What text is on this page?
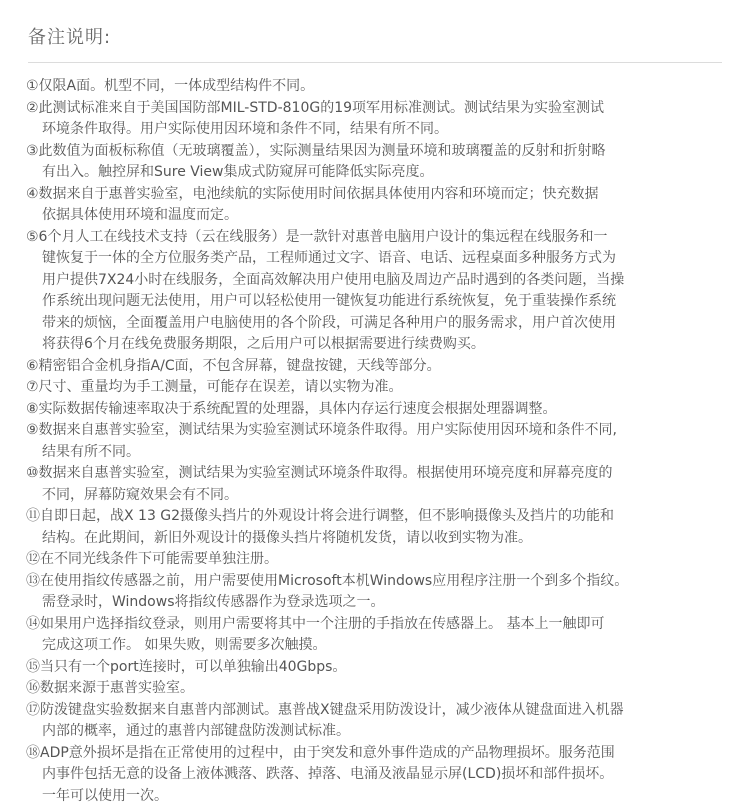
备注说明:
①仅限A面。机型不同，一体成型结构件不同。
②此测试标准来自于美国国防部MIL-STD-810G的19项军用标准测试。测试结果为实验室测试
环境条件取得。用户实际使用因环境和条件不同，结果有所不同。
③此数值为面板标称值（无玻璃覆盖），实际测量结果因为测量环境和玻璃覆盖的反射和折射略
有出入。触控屏和Sure View集成式防窥屏可能降低实际亮度。
④数据来自于惠普实验室，电池续航的实际使用时间依据具体使用内容和环境而定；快充数据
依据具体使用环境和温度而定。
⑤6个月人工在线技术支持（云在线服务）是一款针对惠普电脑用户设计的集远程在线服务和一
键恢复于一体的全方位服务类产品，工程师通过文字、语音、电话、远程桌面多种服务方式为
用户提供7X24小时在线服务，全面高效解决用户使用电脑及周边产品时遇到的各类问题，当操
作系统出现问题无法使用，用户可以轻松使用一键恢复功能进行系统恢复，免于重装操作系统
带来的烦恼，全面覆盖用户电脑使用的各个阶段，可满足各种用户的服务需求，用户首次使用
将获得6个月在线免费服务期限，之后用户可以根据需要进行续费购买。
⑥精密铝合金机身指A/C面，不包含屏幕，键盘按键，天线等部分。
⑦尺寸、重量均为手工测量，可能存在误差，请以实物为准。
⑧实际数据传输速率取决于系统配置的处理器，具体内存运行速度会根据处理器调整。
⑨数据来自惠普实验室，测试结果为实验室测试环境条件取得。用户实际使用因环境和条件不同,
结果有所不同。
⑩数据来自惠普实验室，测试结果为实验室测试环境条件取得。根据使用环境亮度和屏幕亮度的
不同，屏幕防窥效果会有不同。
⑪自即日起，战X 13 G2摄像头挡片的外观设计将会进行调整，但不影响摄像头及挡片的功能和
结构。在此期间，新旧外观设计的摄像头挡片将随机发货，请以收到实物为准。
⑫在不同光线条件下可能需要单独注册。
⑬在使用指纹传感器之前，用户需要使用Microsoft本机Windows应用程序注册一个到多个指纹。
需登录时，Windows将指纹传感器作为登录选项之一。
⑭如果用户选择指纹登录，则用户需要将其中一个注册的手指放在传感器上。 基本上一触即可
完成这项工作。 如果失败，则需要多次触摸。
⑮当只有一个port连接时，可以单独输出40Gbps。
⑯数据来源于惠普实验室。
⑰防泼键盘实验数据来自惠普内部测试。惠普战X键盘采用防泼设计，减少液体从键盘面进入机器
内部的概率，通过的惠普内部键盘防泼测试标准。
⑱ADP意外损坏是指在正常使用的过程中，由于突发和意外事件造成的产品物理损坏。服务范围
内事件包括无意的设备上液体溅落、跌落、掉落、电涌及液晶显示屏(LCD)损坏和部件损坏。
一年可以使用一次。
